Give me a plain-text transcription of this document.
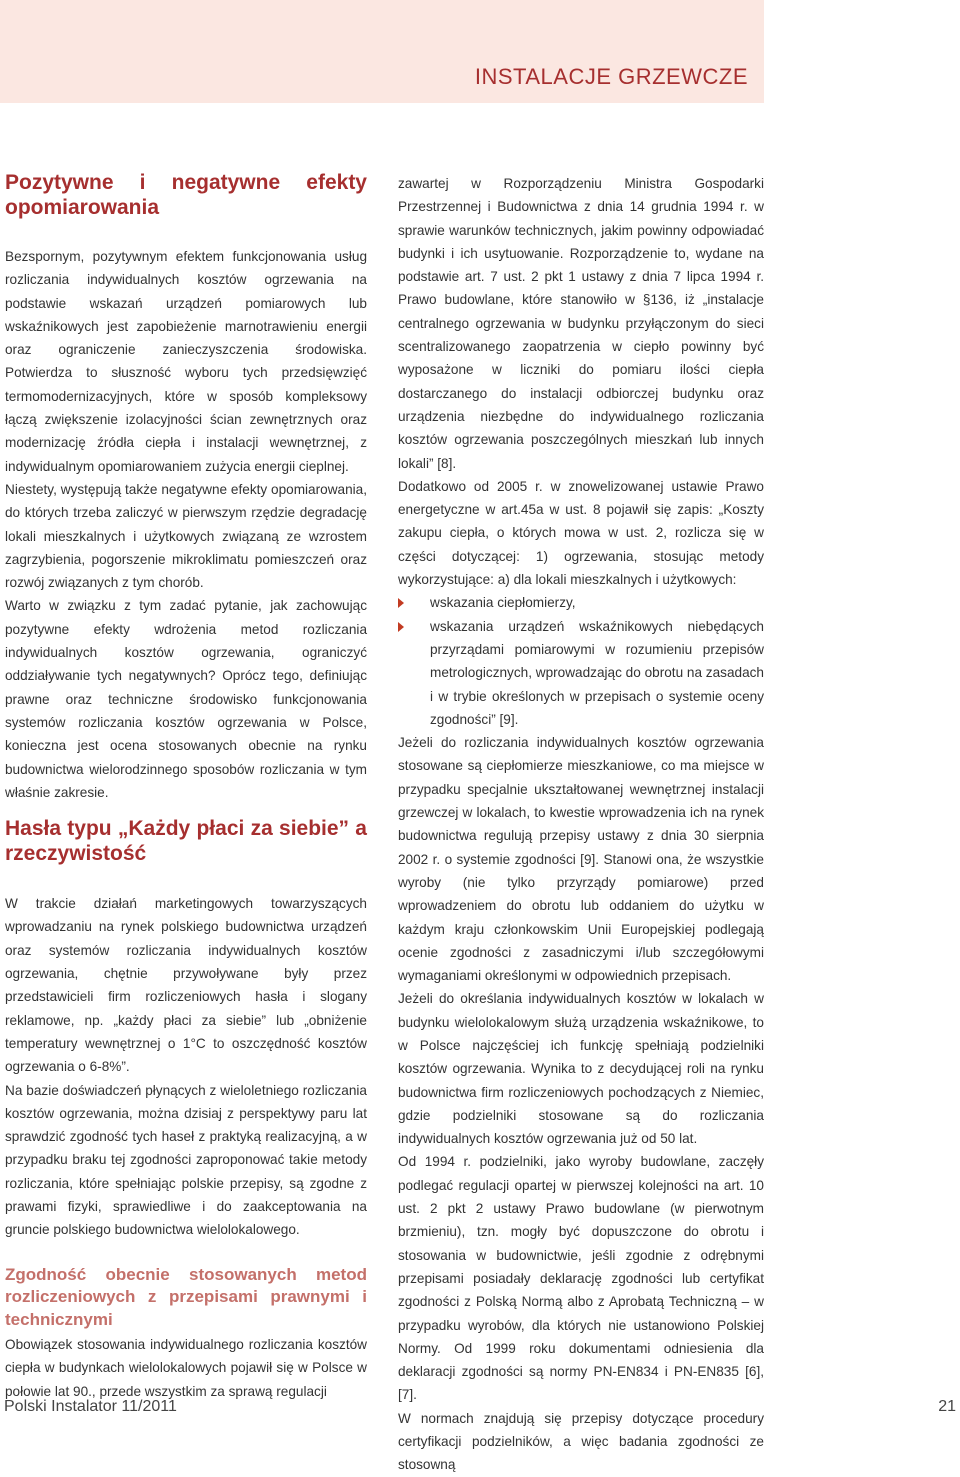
INSTALACJE GRZEWCZE
Pozytywne i negatywne efekty opomiarowania

Bezspornym, pozytywnym efektem funkcjonowania usług rozliczania indywidualnych kosztów ogrzewania na podstawie wskazań urządzeń pomiarowych lub wskaźnikowych jest zapobieżenie marnotrawieniu energii oraz ograniczenie zanieczyszczenia środowiska. Potwierdza to słuszność wyboru tych przedsięwzięć termomodernizacyjnych, które w sposób kompleksowy łączą zwiększenie izolacyjności ścian zewnętrznych oraz modernizację źródła ciepła i instalacji wewnętrznej, z indywidualnym opomiarowaniem zużycia energii cieplnej.

Niestety, występują także negatywne efekty opomiarowania, do których trzeba zaliczyć w pierwszym rzędzie degradację lokali mieszkalnych i użytkowych związaną ze wzrostem zagrzybienia, pogorszenie mikroklimatu pomieszczeń oraz rozwój związanych z tym chorób.

Warto w związku z tym zadać pytanie, jak zachowując pozytywne efekty wdrożenia metod rozliczania indywidualnych kosztów ogrzewania, ograniczyć oddziaływanie tych negatywnych? Oprócz tego, definiując prawne oraz techniczne środowisko funkcjonowania systemów rozliczania kosztów ogrzewania w Polsce, konieczna jest ocena stosowanych obecnie na rynku budownictwa wielorodzinnego sposobów rozliczania w tym właśnie zakresie.

Hasła typu „Każdy płaci za siebie” a rzeczywistość

W trakcie działań marketingowych towarzyszących wprowadzaniu na rynek polskiego budownictwa urządzeń oraz systemów rozliczania indywidualnych kosztów ogrzewania, chętnie przywoływane były przez przedstawicieli firm rozliczeniowych hasła i slogany reklamowe, np. „każdy płaci za siebie” lub „obniżenie temperatury wewnętrznej o 1°C to oszczędność kosztów ogrzewania o 6-8%”.

Na bazie doświadczeń płynących z wieloletniego rozliczania kosztów ogrzewania, można dzisiaj z perspektywy paru lat sprawdzić zgodność tych haseł z praktyką realizacyjną, a w przypadku braku tej zgodności zaproponować takie metody rozliczania, które spełniając polskie przepisy, są zgodne z prawami fizyki, sprawiedliwe i do zaakceptowania na gruncie polskiego budownictwa wielolokalowego.

Zgodność obecnie stosowanych metod rozliczeniowych z przepisami prawnymi i technicznymi

Obowiązek stosowania indywidualnego rozliczania kosztów ciepła w budynkach wielolokalowych pojawił się w Polsce w połowie lat 90., przede wszystkim za sprawą regulacji

zawartej w Rozporządzeniu Ministra Gospodarki Przestrzennej i Budownictwa z dnia 14 grudnia 1994 r. w sprawie warunków technicznych, jakim powinny odpowiadać budynki i ich usytuowanie. Rozporządzenie to, wydane na podstawie art. 7 ust. 2 pkt 1 ustawy z dnia 7 lipca 1994 r. Prawo budowlane, które stanowiło w §136, iż „instalacje centralnego ogrzewania w budynku przyłączonym do sieci scentralizowanego zaopatrzenia w ciepło powinny być wyposażone w liczniki do pomiaru ilości ciepła dostarczanego do instalacji odbiorczej budynku oraz urządzenia niezbędne do indywidualnego rozliczania kosztów ogrzewania poszczególnych mieszkań lub innych lokali” [8].

Dodatkowo od 2005 r. w znowelizowanej ustawie Prawo energetyczne w art.45a w ust. 8 pojawił się zapis: „Koszty zakupu ciepła, o których mowa w ust. 2, rozlicza się w części dotyczącej: 1) ogrzewania, stosując metody wykorzystujące: a) dla lokali mieszkalnych i użytkowych:

wskazania ciepłomierzy,
wskazania urządzeń wskaźnikowych niebędących przyrządami pomiarowymi w rozumieniu przepisów metrologicznych, wprowadzając do obrotu na zasadach i w trybie określonych w przepisach o systemie oceny zgodności” [9].

Jeżeli do rozliczania indywidualnych kosztów ogrzewania stosowane są ciepłomierze mieszkaniowe, co ma miejsce w przypadku specjalnie ukształtowanej wewnętrznej instalacji grzewczej w lokalach, to kwestie wprowadzenia ich na rynek budownictwa regulują przepisy ustawy z dnia 30 sierpnia 2002 r. o systemie zgodności [9]. Stanowi ona, że wszystkie wyroby (nie tylko przyrządy pomiarowe) przed wprowadzeniem do obrotu lub oddaniem do użytku w każdym kraju członkowskim Unii Europejskiej podlegają ocenie zgodności z zasadniczymi i/lub szczegółowymi wymaganiami określonymi w odpowiednich przepisach.

Jeżeli do określania indywidualnych kosztów w lokalach w budynku wielolokalowym służą urządzenia wskaźnikowe, to w Polsce najczęściej ich funkcję spełniają podzielniki kosztów ogrzewania. Wynika to z decydującej roli na rynku budownictwa firm rozliczeniowych pochodzących z Niemiec, gdzie podzielniki stosowane są do rozliczania indywidualnych kosztów ogrzewania już od 50 lat.

Od 1994 r. podzielniki, jako wyroby budowlane, zaczęły podlegać regulacji opartej w pierwszej kolejności na art. 10 ust. 2 pkt 2 ustawy Prawo budowlane (w pierwotnym brzmieniu), tzn. mogły być dopuszczone do obrotu i stosowania w budownictwie, jeśli zgodnie z odrębnymi przepisami posiadały deklarację zgodności lub certyfikat zgodności z Polską Normą albo z Aprobatą Techniczną – w przypadku wyrobów, dla których nie ustanowiono Polskiej Normy. Od 1999 roku dokumentami odniesienia dla deklaracji zgodności są normy PN-EN834 i PN-EN835 [6], [7].

W normach znajdują się przepisy dotyczące procedury certyfikacji podzielników, a więc badania zgodności ze stosowną

Polski Instalator 11/2011	21
